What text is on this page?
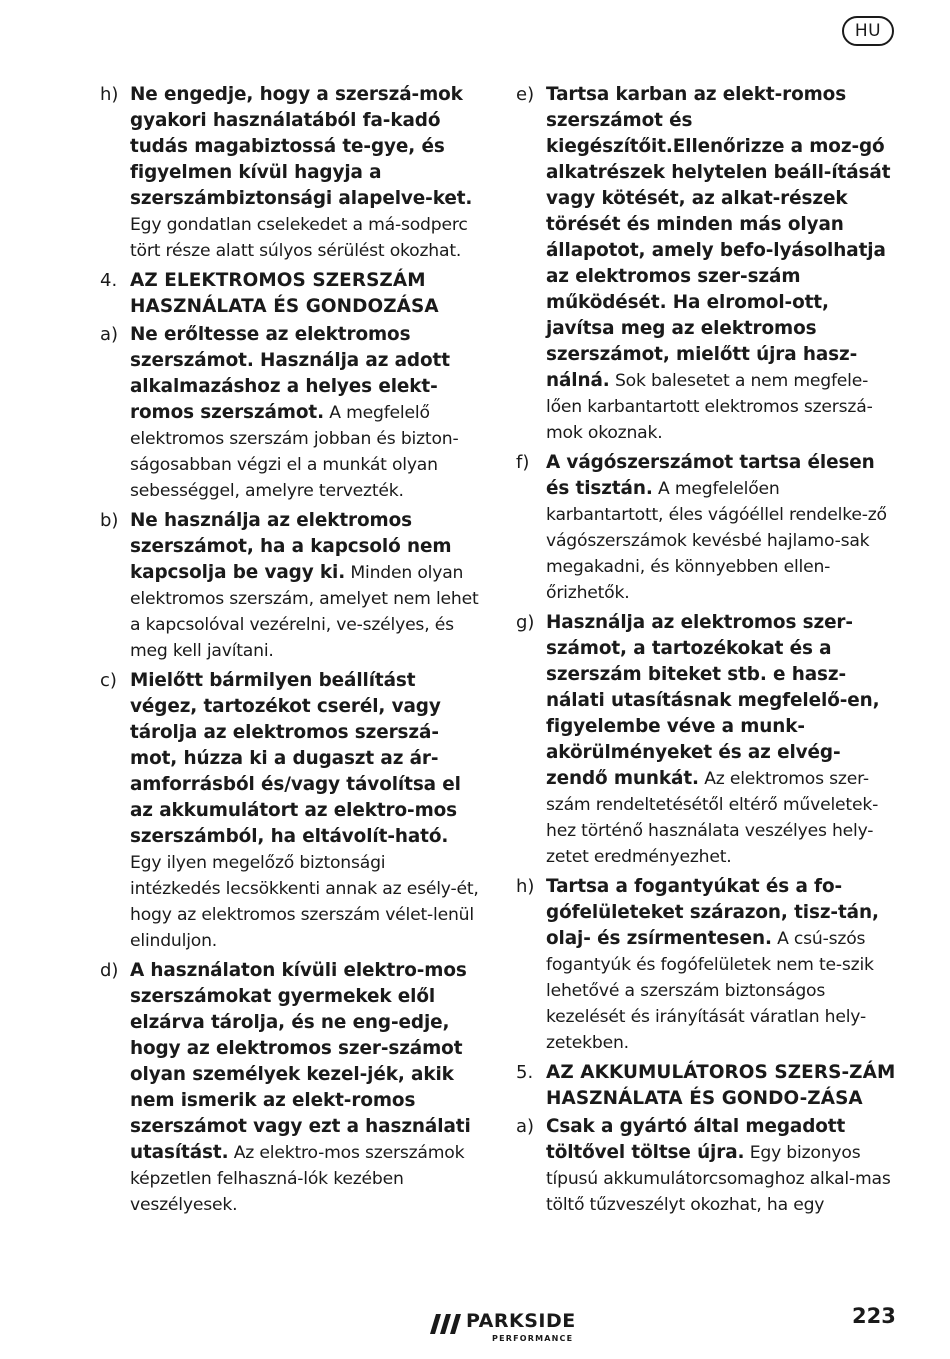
HU
h) Ne engedje, hogy a szerszá-mok gyakori használatából fa-kadó tudás magabiztossá te-gye, és figyelmen kívül hagyja a szerszámbiztonsági alapelve-ket. Egy gondatlan cselekedet a má-sodperc tört része alatt súlyos sérülést okozhat.
4. AZ ELEKTROMOS SZERSZÁM HASZNÁLATA ÉS GONDOZÁSA
a) Ne erőltesse az elektromos szerszámot. Használja az adott alkalmazáshoz a helyes elekt-romos szerszámot. A megfelelő elektromos szerszám jobban és bizton-ságosabban végzi el a munkát olyan sebességgel, amelyre tervezték.
b) Ne használja az elektromos szerszámot, ha a kapcsoló nem kapcsolja be vagy ki. Minden olyan elektromos szerszám, amelyet nem lehet a kapcsolóval vezérelni, ve-szélyes, és meg kell javítani.
c) Mielőtt bármilyen beállítást végez, tartozékot cserél, vagy tárolja az elektromos szerszá-mot, húzza ki a dugaszt az ár-amforrásból és/vagy távolítsa el az akkumulátort az elektro-mos szerszámból, ha eltávolít-ható. Egy ilyen megelőző biztonsági intézkedés lecsökkenti annak az esély-ét, hogy az elektromos szerszám vélet-lenül elinduljon.
d) A használaton kívüli elektro-mos szerszámokat gyermekek elől elzárva tárolja, és ne eng-edje, hogy az elektromos szer-számot olyan személyek kezel-jék, akik nem ismerik az elekt-romos szerszámot vagy ezt a használati utasítást. Az elektro-mos szerszámok képzetlen felhaszná-lók kezében veszélyesek.
e) Tartsa karban az elekt-romos szerszámot és kiegészítőit.Ellenőrizze a moz-gó alkatrészek helytelen beáll-ítását vagy kötését, az alkat-részek törését és minden más olyan állapotot, amely befo-lyásolhatja az elektromos szer-szám működését. Ha elromol-ott, javítsa meg az elektromos szerszámot, mielőtt újra hasz-nálná. Sok balesetet a nem megfele-lően karbantartott elektromos szerszá-mok okoznak.
f) A vágószerszámot tartsa élesen és tisztán. A megfelelően karbantartott, éles vágóéllel rendelke-ző vágószerszámok kevésbé hajlamo-sak megakadni, és könnyebben ellen-őrizhetők.
g) Használja az elektromos szer-számot, a tartozékokat és a szerszám biteket stb. e hasz-nálati utasításnak megfelelő-en, figyelembe véve a munk-akörülményeket és az elvég-zendő munkát. Az elektromos szer-szám rendeltetésétől eltérő műveletek-hez történő használata veszélyes hely-zetet eredményezhet.
h) Tartsa a fogantyúkat és a fo-gófelületeket szárazon, tisz-tán, olaj- és zsírmentesen. A csú-szós fogantyúk és fogófelületek nem te-szik lehetővé a szerszám biztonságos kezelését és irányítását váratlan hely-zetekben.
5. AZ AKKUMULÁTOROS SZERS-ZÁM HASZNÁLATA ÉS GONDO-ZÁSA
a) Csak a gyártó által megadott töltővel töltse újra. Egy bizonyos típusú akkumulátorcsomaghoz alkal-mas töltő tűzveszélyt okozhat, ha egy
PARKSIDE
PERFORMANCE
223
